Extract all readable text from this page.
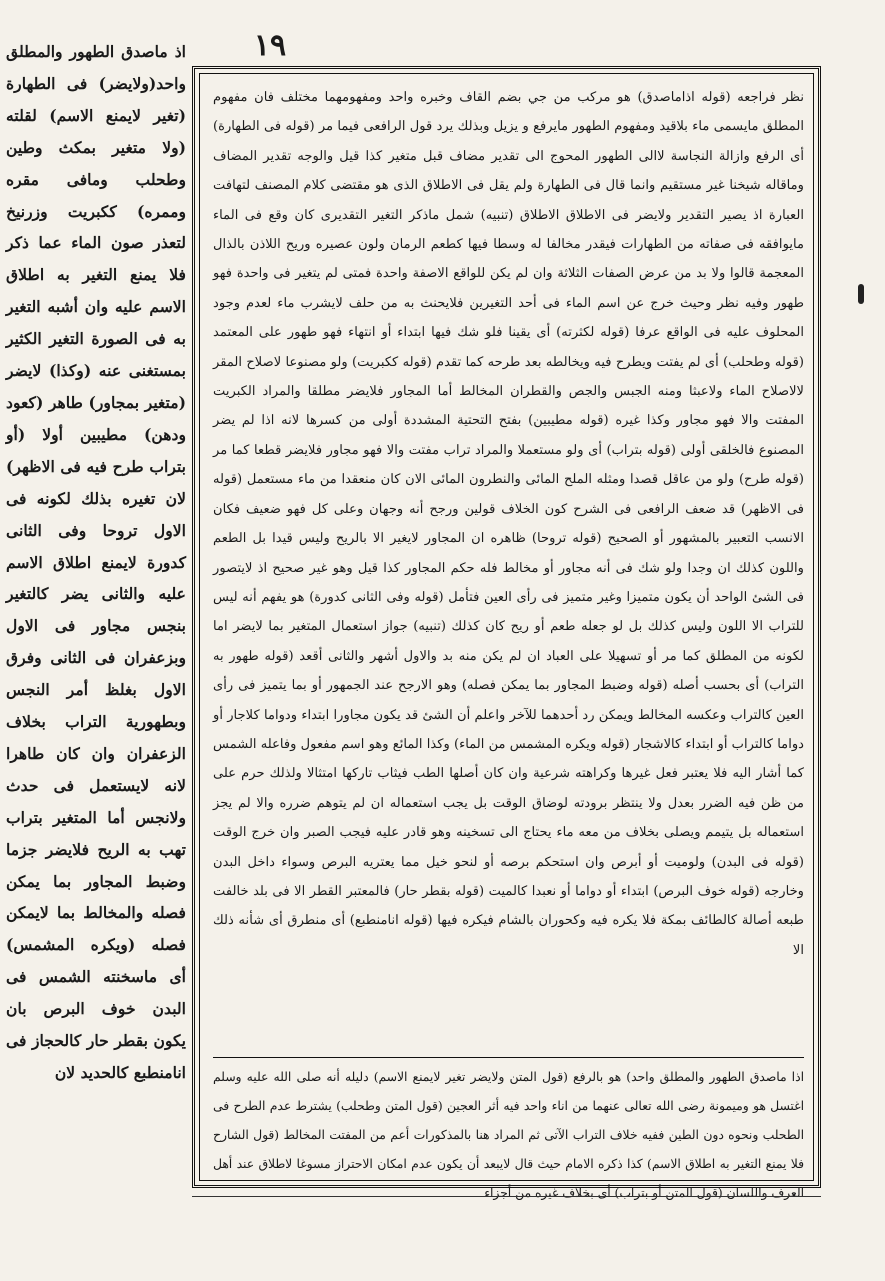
١٩
اذ ماصدق الطهور والمطلق واحد(ولايضر) فى الطهارة (تغير لايمنع الاسم) لقلته (ولا متغير بمكث وطين وطحلب ومافى مقره وممره) ككبريت وزرنيخ لتعذر صون الماء عما ذكر فلا يمنع التغير به اطلاق الاسم عليه وان أشبه التغير به فى الصورة التغير الكثير بمستغنى عنه (وكذا) لايضر (متغير بمجاور) طاهر (كعود ودهن) مطيبين أولا (أو بتراب طرح فيه فى الاظهر) لان تغيره بذلك لكونه فى الاول تروحا وفى الثانى كدورة لايمنع اطلاق الاسم عليه والثانى يضر كالتغير بنجس مجاور فى الاول وبزعفران فى الثانى وفرق الاول بغلظ أمر النجس وبطهورية التراب بخلاف الزعفران وان كان طاهرا لانه لايستعمل فى حدث ولانجس أما المتغير بتراب تهب به الريح فلايضر جزما وضبط المجاور بما يمكن فصله والمخالط بما لايمكن فصله (ويكره المشمس) أى ماسخنته الشمس فى البدن خوف البرص بان يكون بقطر حار كالحجاز فى انامنطبع كالحديد لان
نظر فراجعه (قوله اذاماصدق) هو مركب من جي بضم القاف وخبره واحد ومفهومهما مختلف فان مفهوم المطلق مايسمى ماء بلاقيد ومفهوم الطهور مايرفع و يزيل وبذلك يرد قول الرافعى فيما مر (قوله فى الطهارة) أى الرفع وازالة النجاسة لاالى الطهور المحوج الى تقدير مضاف قبل متغير كذا قيل والوجه تقدير المضاف وماقاله شيخنا غير مستقيم وانما قال فى الطهارة ولم يقل فى الاطلاق الذى هو مقتضى كلام المصنف لتهافت العبارة اذ يصير التقدير ولايضر فى الاطلاق الاطلاق (تنبيه) شمل ماذكر التغير التقديرى كان وقع فى الماء مايوافقه فى صفاته من الطهارات فيقدر مخالفا له وسطا فيها كطعم الرمان ولون عصيره وريح اللاذن بالذال المعجمة قالوا ولا بد من عرض الصفات الثلاثة وان لم يكن للواقع الاصفة واحدة فمتى لم يتغير فى واحدة فهو طهور وفيه نظر وحيث خرج عن اسم الماء فى أحد التغيرين فلايحنث به من حلف لايشرب ماء لعدم وجود المحلوف عليه فى الواقع عرفا (قوله لكثرته) أى يقينا فلو شك فيها ابتداء أو انتهاء فهو طهور على المعتمد (قوله وطحلب) أى لم يفتت ويطرح فيه ويخالطه بعد طرحه كما تقدم (قوله ككبريت) ولو مصنوعا لاصلاح المقر لالاصلاح الماء ولاعبثا ومنه الجبس والجص والقطران المخالط أما المجاور فلايضر مطلقا والمراد الكبريت المفتت والا فهو مجاور وكذا غيره (قوله مطيبين) بفتح التحتية المشددة أولى من كسرها لانه اذا لم يضر المصنوع فالخلقى أولى (قوله بتراب) أى ولو مستعملا والمراد تراب مفتت والا فهو مجاور فلايضر قطعا كما مر (قوله طرح) ولو من عاقل قصدا ومثله الملح المائى والنطرون المائى الان كان منعقدا من ماء مستعمل (قوله فى الاظهر) قد ضعف الرافعى فى الشرح كون الخلاف قولين ورجح أنه وجهان وعلى كل فهو ضعيف فكان الانسب التعبير بالمشهور أو الصحيح (قوله تروحا) ظاهره ان المجاور لايغير الا بالريح وليس قيدا بل الطعم واللون كذلك ان وجدا ولو شك فى أنه مجاور أو مخالط فله حكم المجاور كذا قيل وهو غير صحيح اذ لايتصور فى الشئ الواحد أن يكون متميزا وغير متميز فى رأى العين فتأمل (قوله وفى الثانى كدورة) هو يفهم أنه ليس للتراب الا اللون وليس كذلك بل لو جعله طعم أو ريح كان كذلك (تنبيه) جواز استعمال المتغير بما لايضر اما لكونه من المطلق كما مر أو تسهيلا على العباد ان لم يكن منه بد والاول أشهر والثانى أقعد (قوله طهور به التراب) أى بحسب أصله (قوله وضبط المجاور بما يمكن فصله) وهو الارجح عند الجمهور أو بما يتميز فى رأى العين كالتراب وعكسه المخالط ويمكن رد أحدهما للآخر واعلم أن الشئ قد يكون مجاورا ابتداء ودواما كلاجار أو دواما كالتراب أو ابتداء كالاشجار (قوله ويكره المشمس من الماء) وكذا المائع وهو اسم مفعول وفاعله الشمس كما أشار اليه فلا يعتبر فعل غيرها وكراهته شرعية وان كان أصلها الطب فيثاب تاركها امتثالا ولذلك حرم على من ظن فيه الضرر بعدل ولا ينتظر برودته لوضاق الوقت بل يجب استعماله ان لم يتوهم ضرره والا لم يجز استعماله بل يتيمم ويصلى بخلاف من معه ماء يحتاج الى تسخينه وهو قادر عليه فيجب الصبر وان خرج الوقت (قوله فى البدن) ولوميت أو أبرص وان استحكم برصه أو لنحو خيل مما يعتريه البرص وسواء داخل البدن وخارجه (قوله خوف البرص) ابتداء أو دواما أو نعبدا كالميت (قوله بقطر حار) فالمعتبر القطر الا فى بلد خالفت طبعه أصالة كالطائف بمكة فلا يكره فيه وكحوران بالشام فيكره فيها (قوله انامنطبع) أى منطرق أى شأنه ذلك الا
اذا ماصدق الطهور والمطلق واحد) هو بالرفع (قول المتن ولايضر تغير لايمنع الاسم) دليله أنه صلى الله عليه وسلم اغتسل هو وميمونة رضى الله تعالى عنهما من اناء واحد فيه أثر العجين (قول المتن وطحلب) يشترط عدم الطرح فى الطحلب ونحوه دون الطين ففيه خلاف التراب الآتى ثم المراد هنا بالمذكورات أعم من المفتت المخالط (قول الشارح فلا يمنع التغير به اطلاق الاسم) كذا ذكره الامام حيث قال لايبعد أن يكون عدم امكان الاحتراز مسوغا لاطلاق عند أهل العرف واللسان (قول المتن أو بتراب) أى بخلاف غيره من أجزاء
